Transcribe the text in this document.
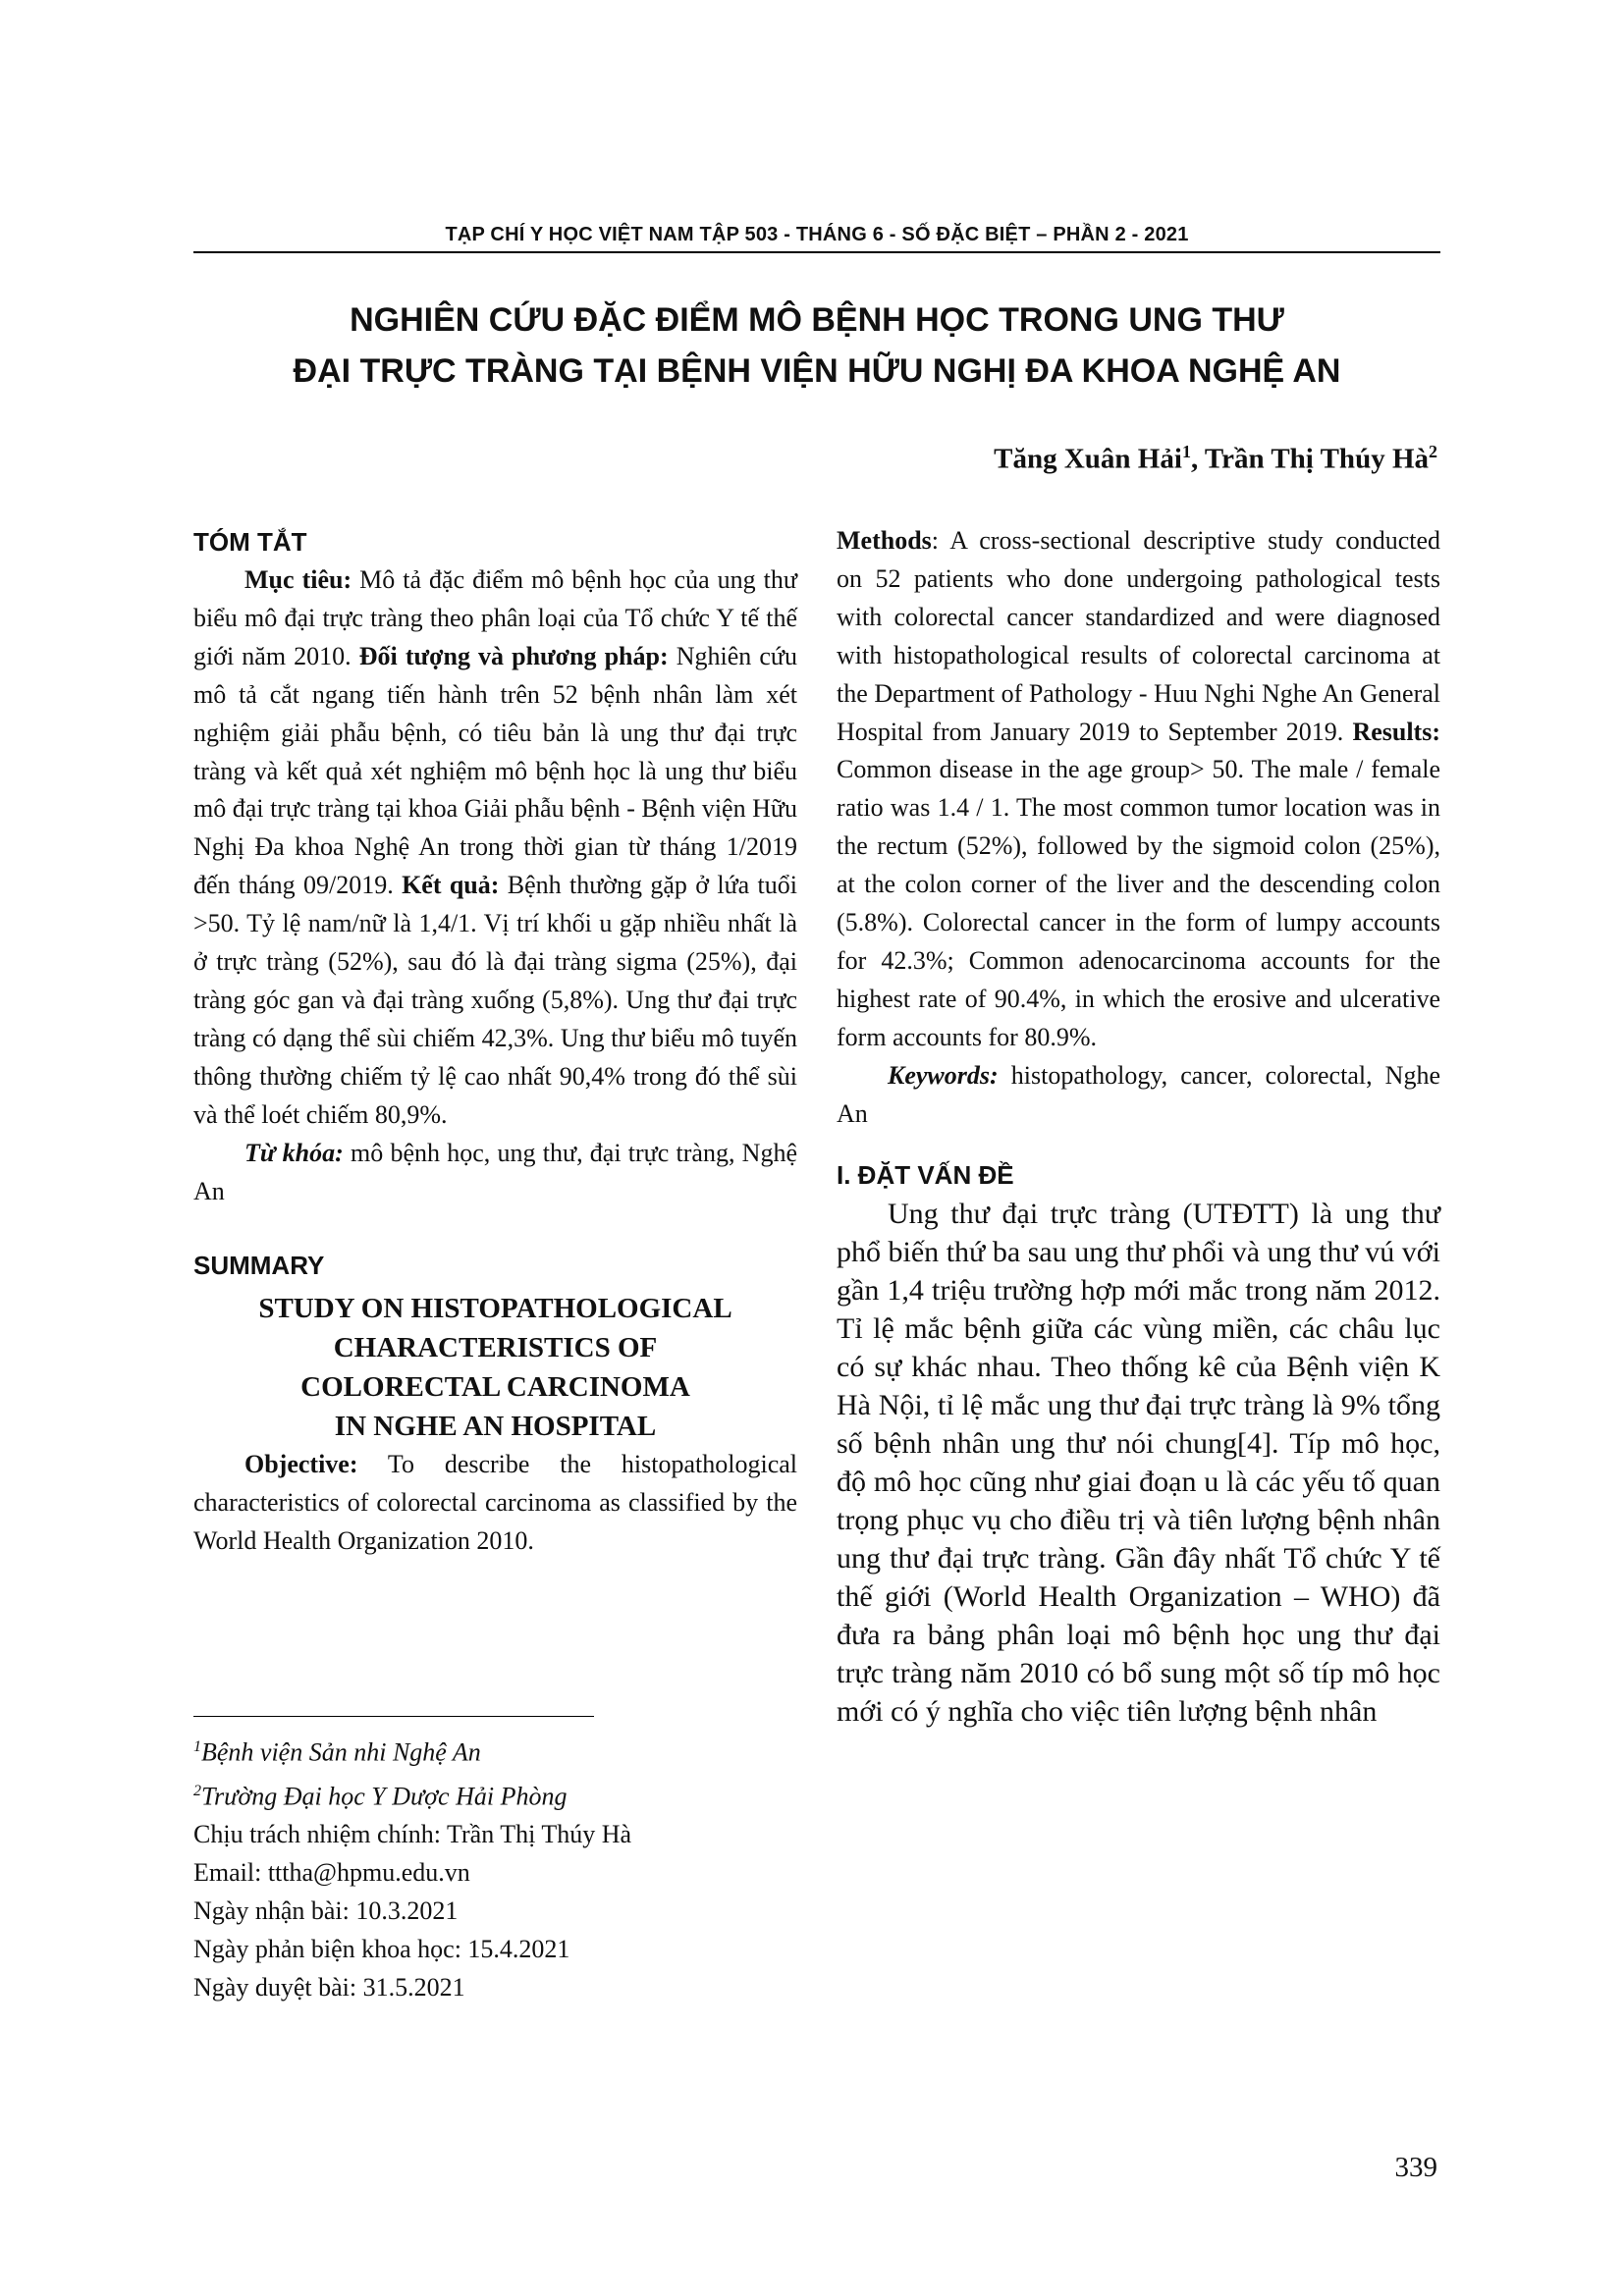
TẠP CHÍ Y HỌC VIỆT NAM TẬP 503 - THÁNG 6 - SỐ ĐẶC BIỆT – PHẦN 2 - 2021
NGHIÊN CỨU ĐẶC ĐIỂM MÔ BỆNH HỌC TRONG UNG THƯ
ĐẠI TRỰC TRÀNG TẠI BỆNH VIỆN HỮU NGHỊ ĐA KHOA NGHỆ AN
Tăng Xuân Hải$^1$, Trần Thị Thúy $Hà^2$

TÓM TẮT

Mục tiêu: Mô tả đặc điểm mô bệnh học của ung thư biểu mô đại trực tràng theo phân loại của Tổ chức Y tế thế giới năm 2010. Đối tượng và phương pháp: Nghiên cứu mô tả cắt ngang tiến hành trên 52 bệnh nhân làm xét nghiệm giải phẫu bệnh, có tiêu bản là ung thư đại trực tràng và kết quả xét nghiệm mô bệnh học là ung thư biểu mô đại trực tràng tại khoa Giải phẫu bệnh - Bệnh viện Hữu Nghị Đa khoa Nghệ An trong thời gian từ tháng 1/2019 đến tháng 09/2019. Kết quả: Bệnh thường gặp ở lứa tuổi >50. Tỷ lệ nam/nữ là 1,4/1. Vị trí khối u gặp nhiều nhất là ở trực tràng (52%), sau đó là đại tràng sigma (25%), đại tràng góc gan và đại tràng xuống (5,8%). Ung thư đại trực tràng có dạng thể sùi chiếm 42,3%. Ung thư biểu mô tuyến thông thường chiếm tỷ lệ cao nhất 90,4% trong đó thể sùi và thể loét chiếm 80,9%.

Từ khóa: mô bệnh học, ung thư, đại trực tràng, Nghệ An

SUMMARY

STUDY ON HISTOPATHOLOGICAL
CHARACTERISTICS OF
COLORECTAL CARCINOMA
IN NGHE AN HOSPITAL

Objective: To describe the histopathological characteristics of colorectal carcinoma as classified by the World Health Organization 2010.

$^1$Bệnh viện Sản nhi Nghệ An

$^2$Trường Đại học Y Dược Hải Phòng

Chịu trách nhiệm chính: Trần Thị Thúy Hà

Email: tttha@hpmu.edu.vn

Ngày nhận bài: 10.3.2021

Ngày phản biện khoa học: 15.4.2021

Ngày duyệt bài: 31.5.2021

Methods: A cross-sectional descriptive study conducted on 52 patients who done undergoing pathological tests with colorectal cancer standardized and were diagnosed with histopathological results of colorectal carcinoma at the Department of Pathology - Huu Nghi Nghe An General Hospital from January 2019 to September 2019. Results: Common disease in the age group> 50. The male / female ratio was 1.4 / 1. The most common tumor location was in the rectum (52%), followed by the sigmoid colon (25%), at the colon corner of the liver and the descending colon (5.8%). Colorectal cancer in the form of lumpy accounts for 42.3%; Common adenocarcinoma accounts for the highest rate of 90.4%, in which the erosive and ulcerative form accounts for 80.9%.

Keywords: histopathology, cancer, colorectal, Nghe An

I. ĐẶT VẤN ĐỀ

Ung thư đại trực tràng (UTĐTT) là ung thư phổ biến thứ ba sau ung thư phổi và ung thư vú với gần 1,4 triệu trường hợp mới mắc trong năm 2012. Tỉ lệ mắc bệnh giữa các vùng miền, các châu lục có sự khác nhau. Theo thống kê của Bệnh viện K Hà Nội, tỉ lệ mắc ung thư đại trực tràng là 9% tổng số bệnh nhân ung thư nói chung[4]. Típ mô học, độ mô học cũng như giai đoạn u là các yếu tố quan trọng phục vụ cho điều trị và tiên lượng bệnh nhân ung thư đại trực tràng. Gần đây nhất Tổ chức Y tế thế giới (World Health Organization – WHO) đã đưa ra bảng phân loại mô bệnh học ung thư đại trực tràng năm 2010 có bổ sung một số típ mô học mới có ý nghĩa cho việc tiên lượng bệnh nhân

339
